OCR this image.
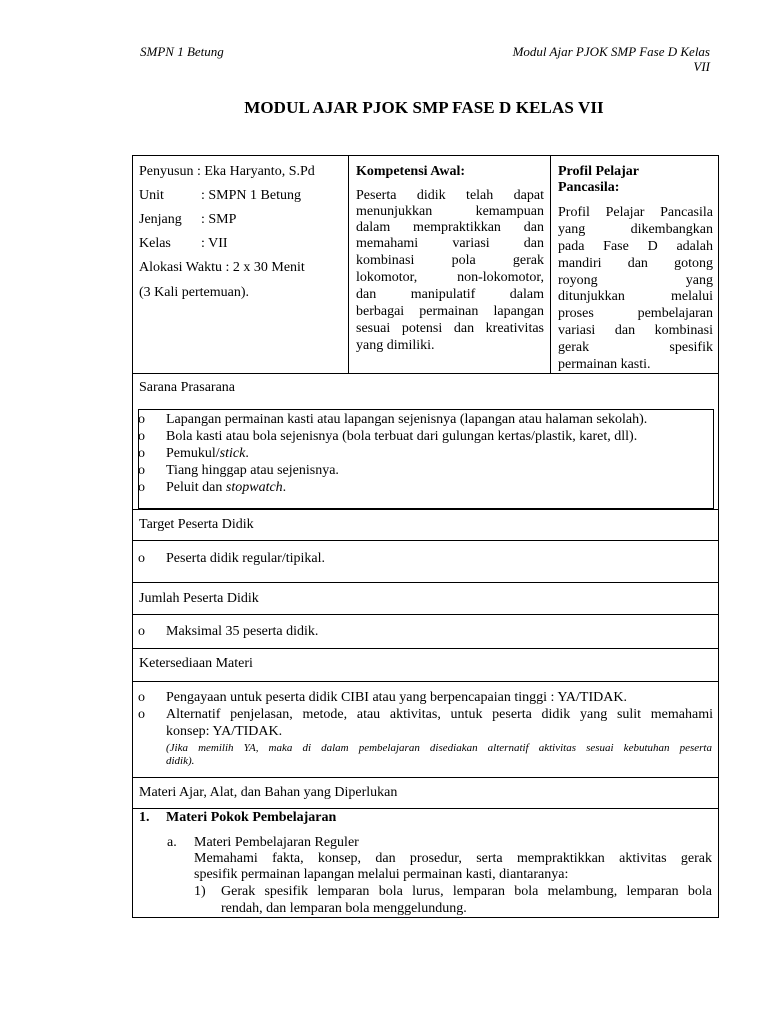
SMPN 1 Betung	Modul Ajar PJOK SMP Fase D Kelas
VII
MODUL AJAR PJOK SMP FASE D KELAS VII
Penyusun : Eka Haryanto, S.Pd
Unit	: SMPN 1 Betung
Jenjang : SMP
Kelas : VII
Alokasi Waktu : 2 x 30 Menit
(3 Kali pertemuan).
Kompetensi Awal:
Peserta didik telah dapat
menunjukkan kemampuan
dalam mempraktikkan dan
memahami variasi dan
kombinasi pola gerak
lokomotor, non-lokomotor,
dan manipulatif dalam
berbagai permainan lapangan
sesuai potensi dan kreativitas
yang dimiliki.
Profil Pelajar
Pancasila:
Profil Pelajar Pancasila
yang dikembangkan
pada Fase D adalah
mandiri dan gotong
royong yang
ditunjukkan melalui
proses pembelajaran
variasi dan kombinasi
gerak spesifik
permainan kasti.
Sarana Prasarana
o Lapangan permainan kasti atau lapangan sejenisnya (lapangan atau halaman sekolah).
o Bola kasti atau bola sejenisnya (bola terbuat dari gulungan kertas/plastik, karet, dll).
o Pemukul/stick.
o Tiang hinggap atau sejenisnya.
o Peluit dan stopwatch.
Target Peserta Didik
o Peserta didik regular/tipikal.
Jumlah Peserta Didik
o Maksimal 35 peserta didik.
Ketersediaan Materi
o Pengayaan untuk peserta didik CIBI atau yang berpencapaian tinggi : YA/TIDAK.
o Alternatif penjelasan, metode, atau aktivitas, untuk peserta didik yang sulit memahami
konsep: YA/TIDAK.
(Jika memilih YA, maka di dalam pembelajaran disediakan alternatif aktivitas sesuai kebutuhan peserta
didik).
Materi Ajar, Alat, dan Bahan yang Diperlukan
1. Materi Pokok Pembelajaran
a. Materi Pembelajaran Reguler
Memahami fakta, konsep, dan prosedur, serta mempraktikkan aktivitas gerak
spesifik permainan lapangan melalui permainan kasti, diantaranya:
1) Gerak spesifik lemparan bola lurus, lemparan bola melambung, lemparan bola
rendah, dan lemparan bola menggelundung.
